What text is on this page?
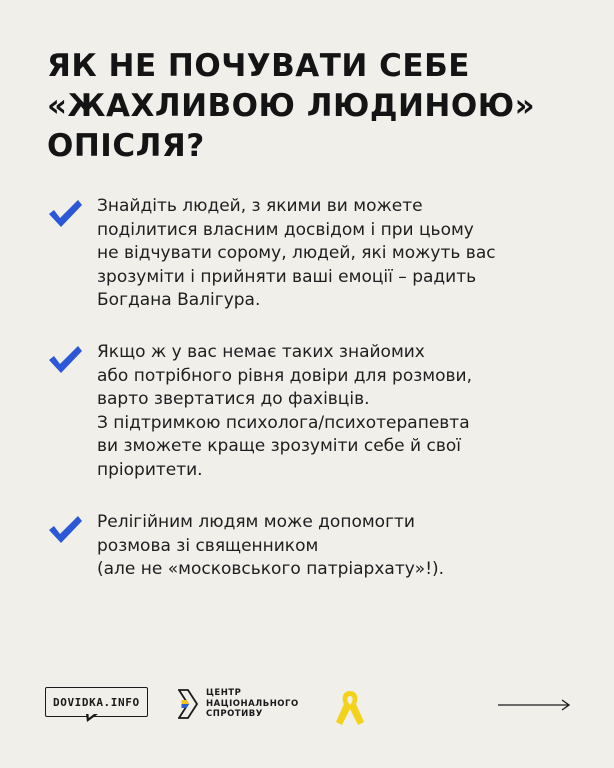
ЯК НЕ ПОЧУВАТИ СЕБЕ
«ЖАХЛИВОЮ ЛЮДИНОЮ»
ОПІСЛЯ?
Знайдіть людей, з якими ви можете
поділитися власним досвідом і при цьому
не відчувати сорому, людей, які можуть вас
зрозуміти і прийняти ваші емоції – радить
Богдана Валігура.
Якщо ж у вас немає таких знайомих
або потрібного рівня довіри для розмови,
варто звертатися до фахівців.
З підтримкою психолога/психотерапевта
ви зможете краще зрозуміти себе й свої
пріоритети.
Релігійним людям може допомогти
розмова зі священником
(але не «московського патріархату»!).
DOVIDKA.INFO
ЦЕНТР
НАЦІОНАЛЬНОГО
СПРОТИВУ
